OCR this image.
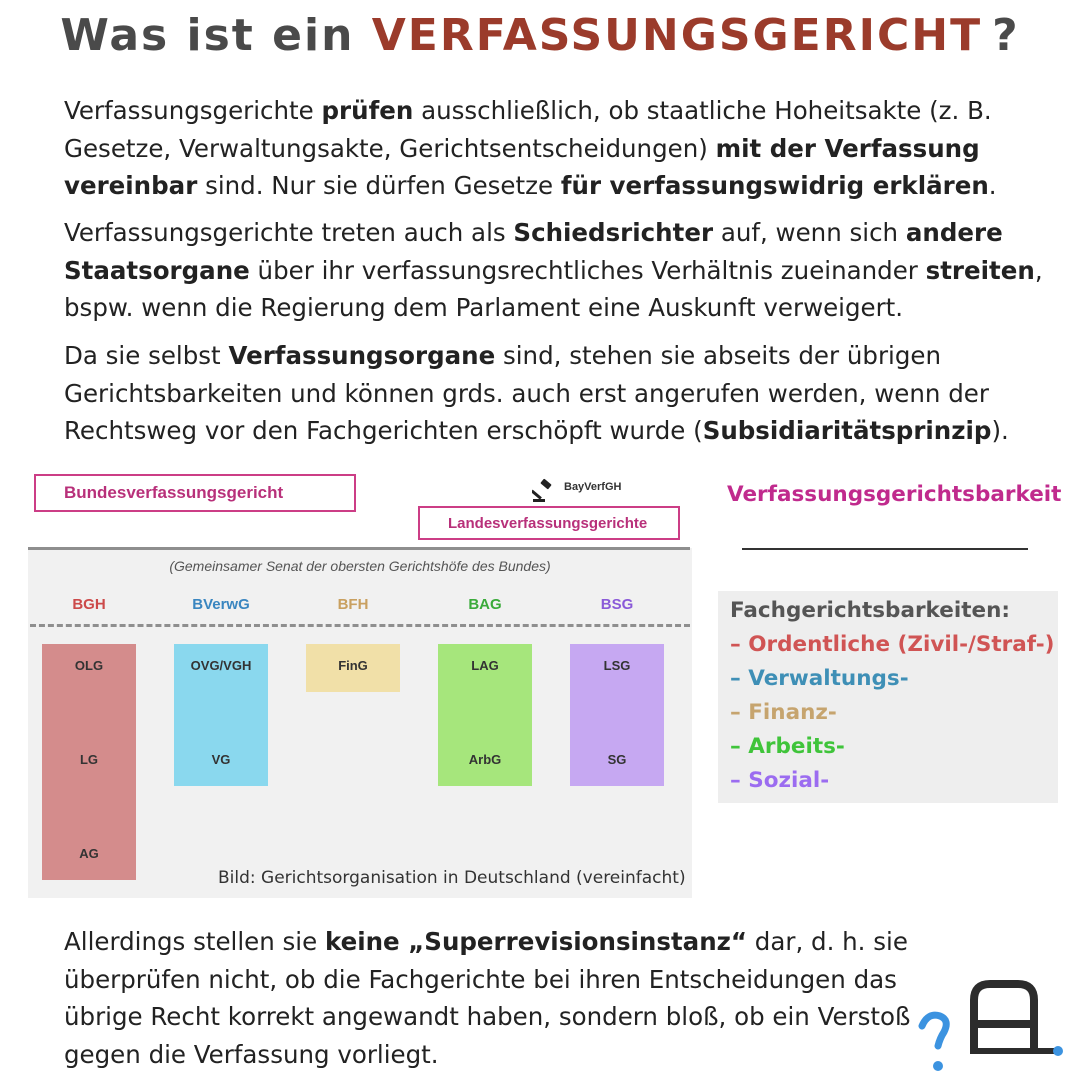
Was ist ein VERFASSUNGSGERICHT ?
Verfassungsgerichte prüfen ausschließlich, ob staatliche Hoheitsakte (z. B. Gesetze, Verwaltungsakte, Gerichtsentscheidungen) mit der Verfassung vereinbar sind. Nur sie dürfen Gesetze für verfassungswidrig erklären.
Verfassungsgerichte treten auch als Schiedsrichter auf, wenn sich andere Staatsorgane über ihr verfassungsrechtliches Verhältnis zueinander streiten, bspw. wenn die Regierung dem Parlament eine Auskunft verweigert.
Da sie selbst Verfassungsorgane sind, stehen sie abseits der übrigen Gerichtsbarkeiten und können grds. auch erst angerufen werden, wenn der Rechtsweg vor den Fachgerichten erschöpft wurde (Subsidiaritätsprinzip).
Bundesverfassungsgericht
Landesverfassungsgerichte
BayVerfGH
(Gemeinsamer Senat der obersten Gerichtshöfe des Bundes)
BGH
OLG
LG
AG
BVerwG
OVG/VGH
VG
BFH
FinG
BAG
LAG
ArbG
BSG
LSG
SG
Bild: Gerichtsorganisation in Deutschland (vereinfacht)
Verfassungsgerichtsbarkeit
Fachgerichtsbarkeiten:
– Ordentliche (Zivil-/Straf-)
– Verwaltungs-
– Finanz-
– Arbeits-
– Sozial-
Allerdings stellen sie keine „Superrevisionsinstanz“ dar, d. h. sie überprüfen nicht, ob die Fachgerichte bei ihren Entscheidungen das übrige Recht korrekt angewandt haben, sondern bloß, ob ein Verstoß gegen die Verfassung vorliegt.
